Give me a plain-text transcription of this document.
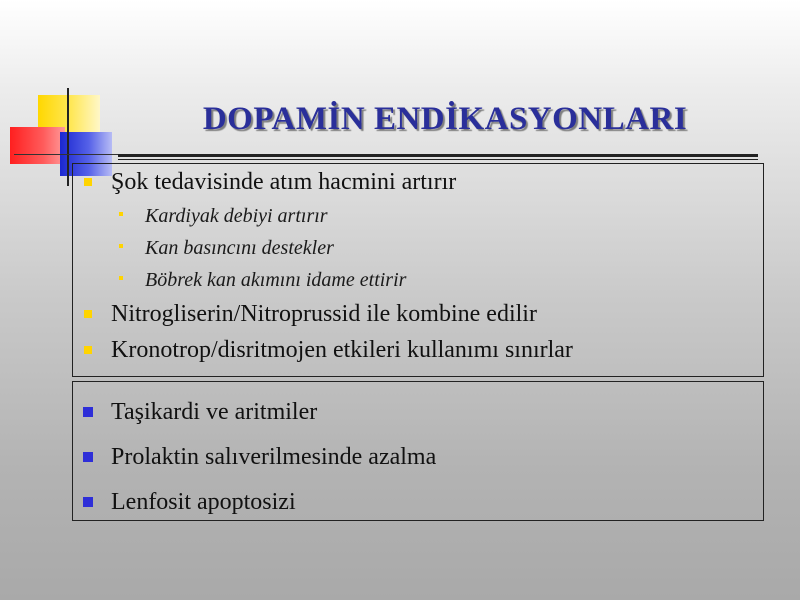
DOPAMİN ENDİKASYONLARI
Şok tedavisinde atım hacmini artırır
Kardiyak debiyi artırır
Kan basıncını destekler
Böbrek kan akımını idame ettirir
Nitrogliserin/Nitroprussid ile kombine edilir
Kronotrop/disritmojen etkileri kullanımı sınırlar
Taşikardi ve aritmiler
Prolaktin salıverilmesinde azalma
Lenfosit apoptosizi
